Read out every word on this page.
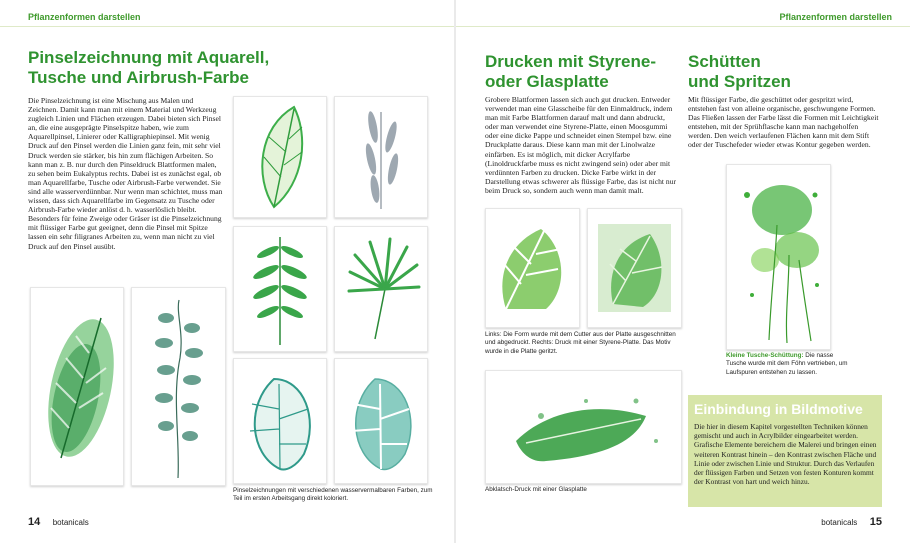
Pflanzenformen darstellen	Pflanzenformen darstellen
Pinselzeichnung mit Aquarell,
Tusche und Airbrush-Farbe

Die Pinselzeichnung ist eine Mischung aus Malen und Zeichnen. Damit kann man mit einem Material und Werkzeug zugleich Linien und Flächen erzeugen. Dabei bieten sich Pinsel an, die eine ausgeprägte Pinselspitze haben, wie zum Aquarellpinsel, Linierer oder Kalligraphiepinsel. Mit wenig Druck auf den Pinsel werden die Linien ganz fein, mit sehr viel Druck werden sie stärker, bis hin zum flächigen Arbeiten. So kann man z. B. nur durch den Pinseldruck Blattformen malen, zu sehen beim Eukalyptus rechts. Dabei ist es zunächst egal, ob man Aquarellfarbe, Tusche oder Airbrush-Farbe verwendet. Sie sind alle wasserverdünnbar. Nur wenn man schichtet, muss man wissen, dass sich Aquarellfarbe im Gegensatz zu Tusche oder Airbrush-Farbe wieder anlöst d. h. wasserlöslich bleibt.
Besonders für feine Zweige oder Gräser ist die Pinselzeichnung mit flüssiger Farbe gut geeignet, denn die Pinsel mit Spitze lassen ein sehr filigranes Arbeiten zu, wenn man nicht zu viel Druck auf den Pinsel ausübt.

Pinselzeichnungen mit verschiedenen wasservermalbaren Farben, zum Teil im ersten Arbeitsgang direkt koloriert.
14 botanicals
Drucken mit Styrene-
oder Glasplatte

Grobere Blattformen lassen sich auch gut drucken. Entweder verwendet man eine Glasscheibe für den Einmaldruck, indem man mit Farbe Blattformen darauf malt und dann abdruckt, oder man verwendet eine Styrene-Platte, einen Moosgummi oder eine dicke Pappe und schneidet einen Stempel bzw. eine Druckplatte daraus. Diese kann man mit der Linolwalze einfärben. Es ist möglich, mit dicker Acrylfarbe (Linoldruckfarbe muss es nicht zwingend sein) oder aber mit verdünnten Farben zu drucken. Dicke Farbe wirkt in der Darstellung etwas schwerer als flüssige Farbe, das ist nicht nur beim Druck so, sondern auch wenn man damit malt.

Links: Die Form wurde mit dem Cutter aus der Platte ausgeschnitten und abgedruckt. Rechts: Druck mit einer Styrene-Platte. Das Motiv wurde in die Platte geritzt.
Abklatsch-Druck mit einer Glasplatte
Schütten
und Spritzen

Mit flüssiger Farbe, die geschüttet oder gespritzt wird, entstehen fast von alleine organische, geschwungene Formen. Das Fließen lassen der Farbe lässt die Formen mit Leichtigkeit entstehen, mit der Sprühflasche kann man nachgeholfen werden. Den weich verlaufenen Flächen kann mit dem Stift oder der Tuschefeder wieder etwas Kontur gegeben werden.

Kleine Tusche-Schüttung: Die nasse Tusche wurde mit dem Föhn vertrieben, um Laufspuren entstehen zu lassen.
Einbindung in Bildmotive

Die hier in diesem Kapitel vorgestellten Techniken können gemischt und auch in Acrylbilder eingearbeitet werden. Grafische Elemente bereichern die Malerei und bringen einen weiteren Kontrast hinein – den Kontrast zwischen Fläche und Linie oder zwischen Linie und Struktur. Durch das Verlaufen der flüssigen Farben und Setzen von festen Konturen kommt der Kontrast von hart und weich hinzu.

botanicals 15
